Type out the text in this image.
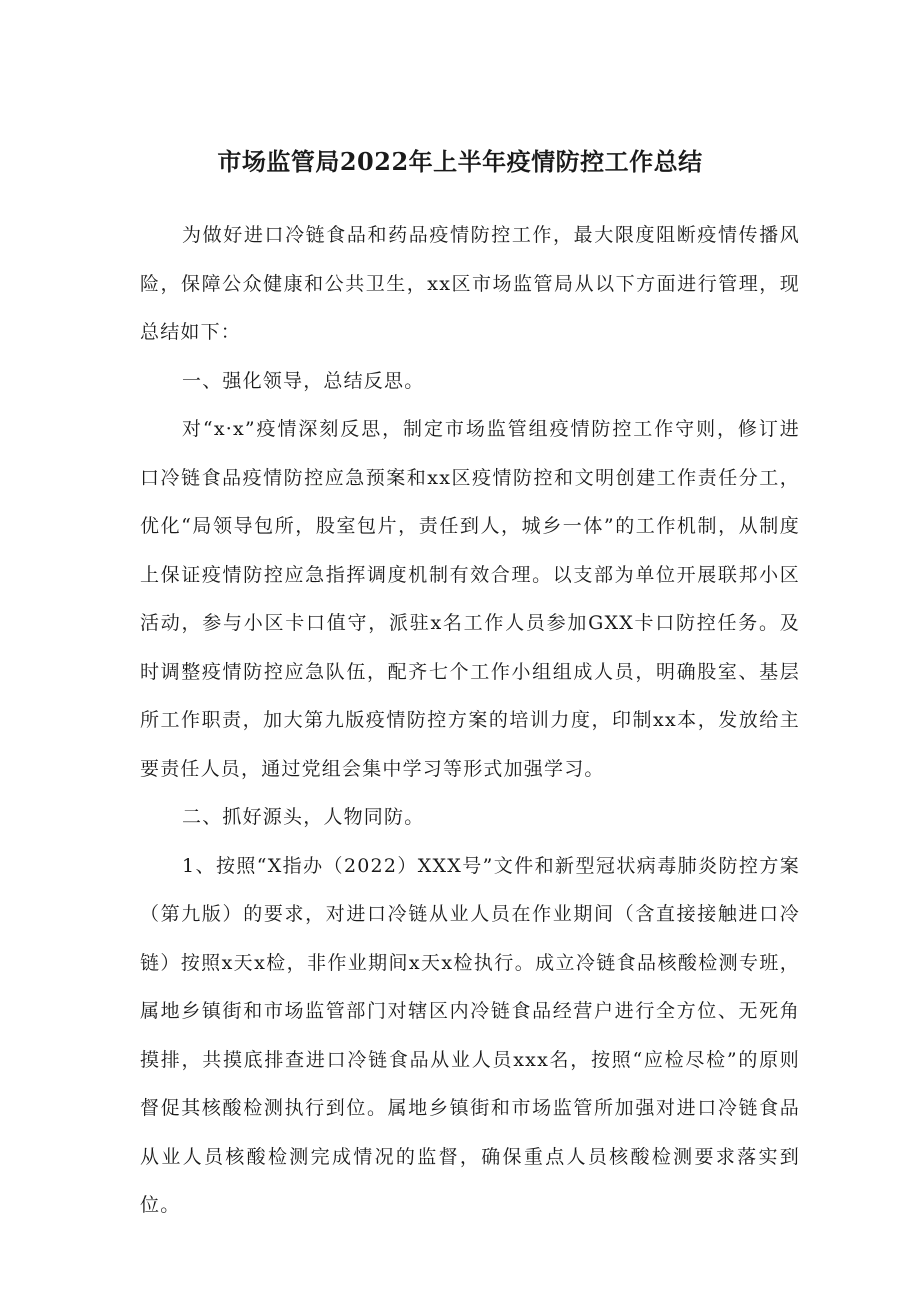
市场监管局2022年上半年疫情防控工作总结

为做好进口冷链食品和药品疫情防控工作，最大限度阻断疫情传播风险，保障公众健康和公共卫生，xx区市场监管局从以下方面进行管理，现总结如下：

一、强化领导，总结反思。

对“x·x”疫情深刻反思，制定市场监管组疫情防控工作守则，修订进口冷链食品疫情防控应急预案和xx区疫情防控和文明创建工作责任分工，优化“局领导包所，股室包片，责任到人，城乡一体”的工作机制，从制度上保证疫情防控应急指挥调度机制有效合理。以支部为单位开展联邦小区活动，参与小区卡口值守，派驻x名工作人员参加GXX卡口防控任务。及时调整疫情防控应急队伍，配齐七个工作小组组成人员，明确股室、基层所工作职责，加大第九版疫情防控方案的培训力度，印制xx本，发放给主要责任人员，通过党组会集中学习等形式加强学习。

二、抓好源头，人物同防。

1、按照“X指办（2022）XXX号”文件和新型冠状病毒肺炎防控方案（第九版）的要求，对进口冷链从业人员在作业期间（含直接接触进口冷链）按照x天x检，非作业期间x天x检执行。成立冷链食品核酸检测专班，属地乡镇街和市场监管部门对辖区内冷链食品经营户进行全方位、无死角摸排，共摸底排查进口冷链食品从业人员xxx名，按照“应检尽检”的原则督促其核酸检测执行到位。属地乡镇街和市场监管所加强对进口冷链食品从业人员核酸检测完成情况的监督，确保重点人员核酸检测要求落实到位。
